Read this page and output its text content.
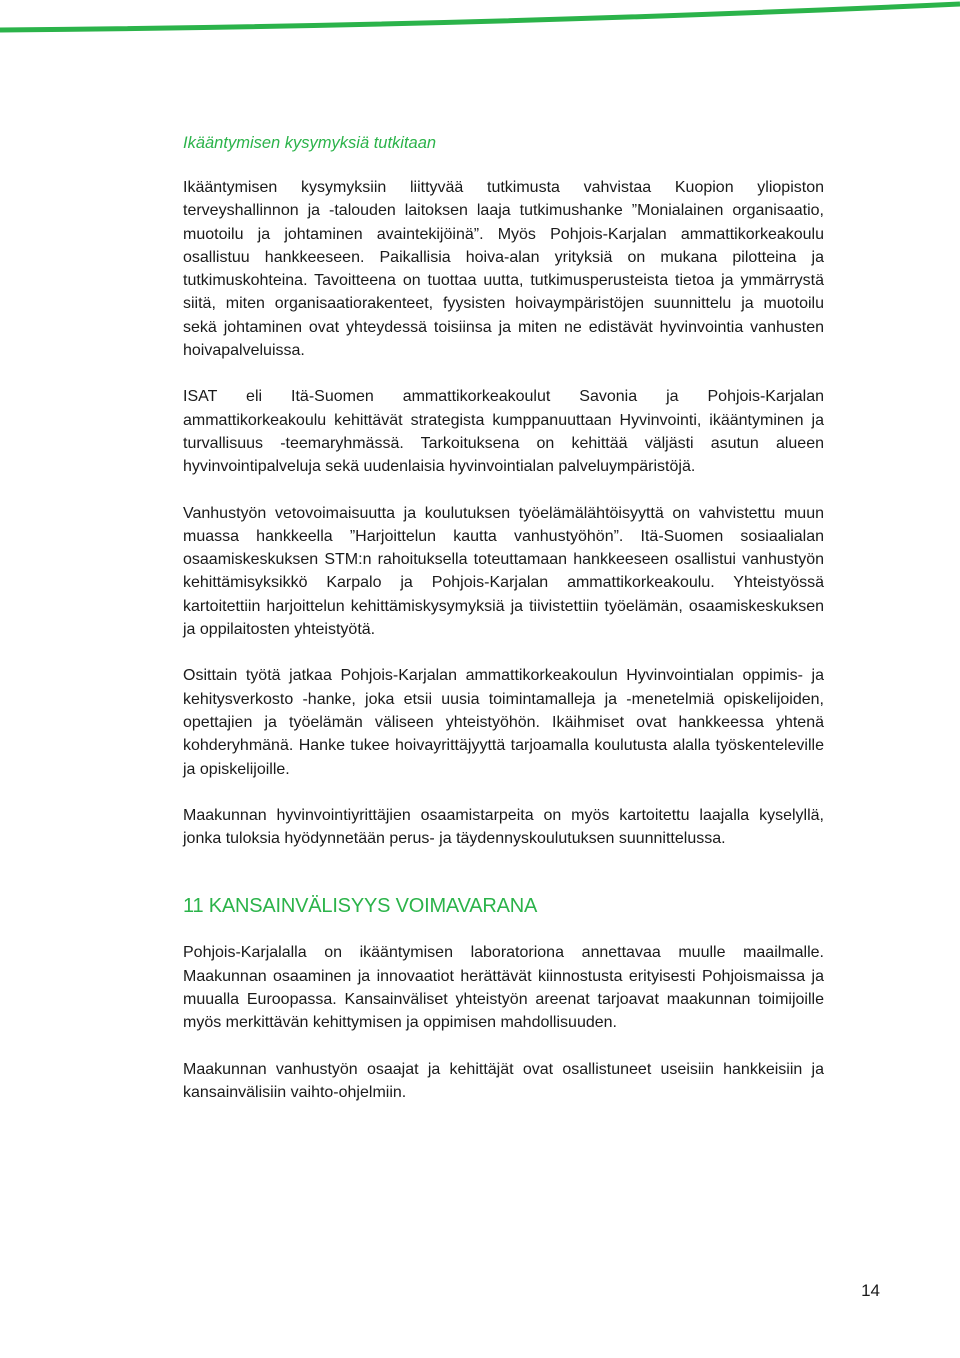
Ikääntymisen kysymyksiä tutkitaan

Ikääntymisen kysymyksiin liittyvää tutkimusta vahvistaa Kuopion yliopiston terveyshallinnon ja -talouden laitoksen laaja tutkimushanke ”Monialainen organisaatio, muotoilu ja johtaminen avaintekijöinä”. Myös Pohjois-Karjalan ammattikorkeakoulu osallistuu hankkeeseen. Paikallisia hoiva-alan yrityksiä on mukana pilotteina ja tutkimuskohteina. Tavoitteena on tuottaa uutta, tutkimusperusteista tietoa ja ymmärrystä siitä, miten organisaatiorakenteet, fyysisten hoivaympäristöjen suunnittelu ja muotoilu sekä johtaminen ovat yhteydessä toisiinsa ja miten ne edistävät hyvinvointia vanhusten hoivapalveluissa.

ISAT eli Itä-Suomen ammattikorkeakoulut Savonia ja Pohjois-Karjalan ammattikorkeakoulu kehittävät strategista kumppanuuttaan Hyvinvointi, ikääntyminen ja turvallisuus -teemaryhmässä. Tarkoituksena on kehittää väljästi asutun alueen hyvinvointipalveluja sekä uudenlaisia hyvinvointialan palveluympäristöjä.

Vanhustyön vetovoimaisuutta ja koulutuksen työelämälähtöisyyttä on vahvistettu muun muassa hankkeella ”Harjoittelun kautta vanhustyöhön”. Itä-Suomen sosiaalialan osaamiskeskuksen STM:n rahoituksella toteuttamaan hankkeeseen osallistui vanhustyön kehittämisyksikkö Karpalo ja Pohjois-Karjalan ammattikorkeakoulu. Yhteistyössä kartoitettiin harjoittelun kehittämiskysymyksiä ja tiivistettiin työelämän, osaamiskeskuksen ja oppilaitosten yhteistyötä.

Osittain työtä jatkaa Pohjois-Karjalan ammattikorkeakoulun Hyvinvointialan oppimis- ja kehitysverkosto -hanke, joka etsii uusia toimintamalleja ja -menetelmiä opiskelijoiden, opettajien ja työelämän väliseen yhteistyöhön. Ikäihmiset ovat hankkeessa yhtenä kohderyhmänä. Hanke tukee hoivayrittäjyyttä tarjoamalla koulutusta alalla työskenteleville ja opiskelijoille.

Maakunnan hyvinvointiyrittäjien osaamistarpeita on myös kartoitettu laajalla kyselyllä, jonka tuloksia hyödynnetään perus- ja täydennyskoulutuksen suunnittelussa.

11 KANSAINVÄLISYYS VOIMAVARANA

Pohjois-Karjalalla on ikääntymisen laboratoriona annettavaa muulle maailmalle. Maakunnan osaaminen ja innovaatiot herättävät kiinnostusta erityisesti Pohjoismaissa ja muualla Euroopassa. Kansainväliset yhteistyön areenat tarjoavat maakunnan toimijoille myös merkittävän kehittymisen ja oppimisen mahdollisuuden.

Maakunnan vanhustyön osaajat ja kehittäjät ovat osallistuneet useisiin hankkeisiin ja kansainvälisiin vaihto-ohjelmiin.

14
